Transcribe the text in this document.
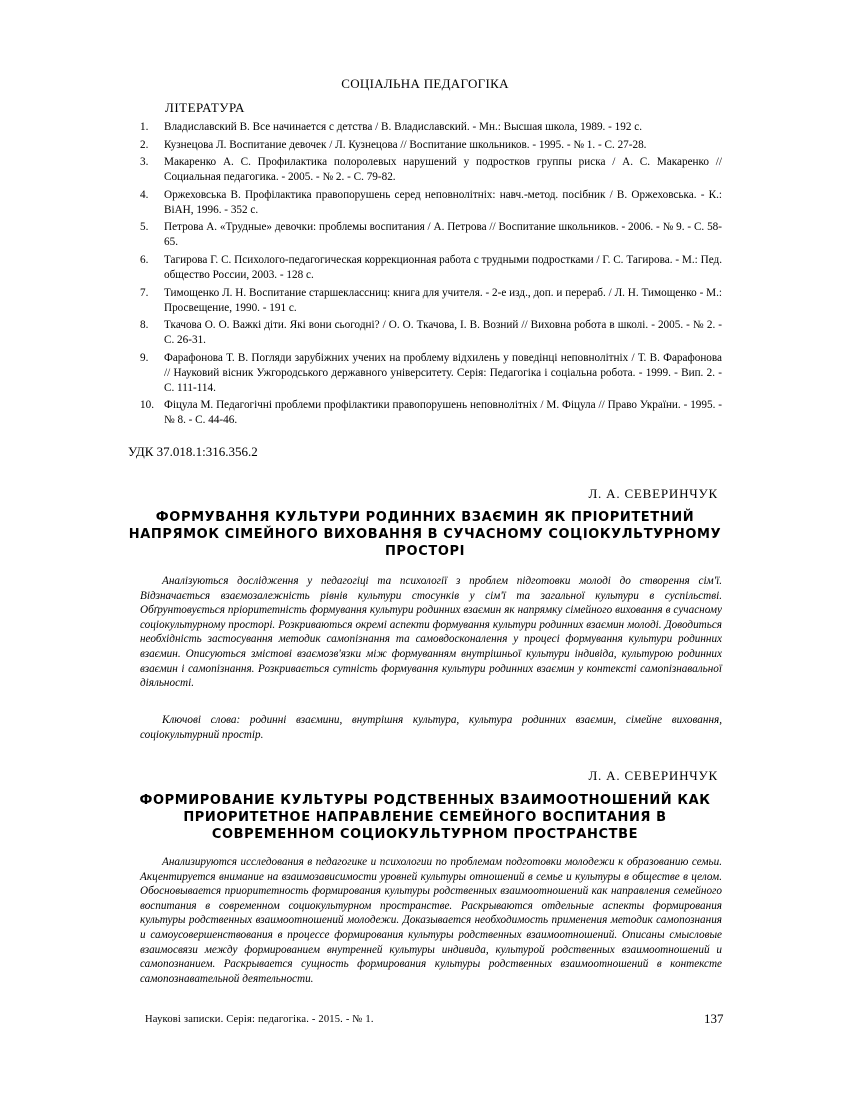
СОЦІАЛЬНА ПЕДАГОГІКА
ЛІТЕРАТУРА
1. Владиславский В. Все начинается с детства / В. Владиславский. - Мн.: Высшая школа, 1989. - 192 с.
2. Кузнецова Л. Воспитание девочек / Л. Кузнецова // Воспитание школьников. - 1995. - № 1. - С. 27-28.
3. Макаренко А. С. Профилактика полоролевых нарушений у подростков группы риска / А. С. Макаренко // Социальная педагогика. - 2005. - № 2. - С. 79-82.
4. Оржеховська В. Профілактика правопорушень серед неповнолітніх: навч.-метод. посібник / В. Оржеховська. - К.: ВіАН, 1996. - 352 с.
5. Петрова А. «Трудные» девочки: проблемы воспитания / А. Петрова // Воспитание школьников. - 2006. - № 9. - С. 58-65.
6. Тагирова Г. С. Психолого-педагогическая коррекционная работа с трудными подростками / Г. С. Тагирова. - М.: Пед. общество России, 2003. - 128 с.
7. Тимощенко Л. Н. Воспитание старшеклассниц: книга для учителя. - 2-е изд., доп. и перераб. / Л. Н. Тимощенко - М.: Просвещение, 1990. - 191 с.
8. Ткачова О. О. Важкі діти. Які вони сьогодні? / О. О. Ткачова, І. В. Возний // Виховна робота в школі. - 2005. - № 2. - С. 26-31.
9. Фарафонова Т. В. Погляди зарубіжних учених на проблему відхилень у поведінці неповнолітніх / Т. В. Фарафонова // Науковий вісник Ужгородського державного університету. Серія: Педагогіка і соціальна робота. - 1999. - Вип. 2. - С. 111-114.
10. Фіцула М. Педагогічні проблеми профілактики правопорушень неповнолітніх / М. Фіцула // Право України. - 1995. - № 8. - С. 44-46.
УДК 37.018.1:316.356.2
Л. А. СЕВЕРИНЧУК
ФОРМУВАННЯ КУЛЬТУРИ РОДИННИХ ВЗАЄМИН ЯК ПРІОРИТЕТНИЙ НАПРЯМОК СІМЕЙНОГО ВИХОВАННЯ В СУЧАСНОМУ СОЦІОКУЛЬТУРНОМУ ПРОСТОРІ

Аналізуються дослідження у педагогіці та психології з проблем підготовки молоді до створення сім'ї. Відзначається взаємозалежність рівнів культури стосунків у сім'ї та загальної культури в суспільстві. Обґрунтовується пріоритетність формування культури родинних взаємин як напрямку сімейного виховання в сучасному соціокультурному просторі. Розкриваються окремі аспекти формування культури родинних взаємин молоді. Доводиться необхідність застосування методик самопізнання та самовдосконалення у процесі формування культури родинних взаємин. Описуються змістові взаємозв'язки між формуванням внутрішньої культури індивіда, культурою родинних взаємин і самопізнання. Розкривається сутність формування культури родинних взаємин у контексті самопізнавальної діяльності.

Ключові слова: родинні взаємини, внутрішня культура, культура родинних взаємин, сімейне виховання, соціокультурний простір.

Л. А. СЕВЕРИНЧУК
ФОРМИРОВАНИЕ КУЛЬТУРЫ РОДСТВЕННЫХ ВЗАИМООТНОШЕНИЙ КАК ПРИОРИТЕТНОЕ НАПРАВЛЕНИЕ СЕМЕЙНОГО ВОСПИТАНИЯ В СОВРЕМЕННОМ СОЦИОКУЛЬТУРНОМ ПРОСТРАНСТВЕ

Анализируются исследования в педагогике и психологии по проблемам подготовки молодежи к образованию семьи. Акцентируется внимание на взаимозависимости уровней культуры отношений в семье и культуры в обществе в целом. Обосновывается приоритетность формирования культуры родственных взаимоотношений как направления семейного воспитания в современном социокультурном пространстве. Раскрываются отдельные аспекты формирования культуры родственных взаимоотношений молодежи. Доказывается необходимость применения методик самопознания и самоусовершенствования в процессе формирования культуры родственных взаимоотношений. Описаны смысловые взаимосвязи между формированием внутренней культуры индивида, культурой родственных взаимоотношений и самопознанием. Раскрывается сущность формирования культуры родственных взаимоотношений в контексте самопознавательной деятельности.

Наукові записки. Серія: педагогіка. - 2015. - № 1.	137
